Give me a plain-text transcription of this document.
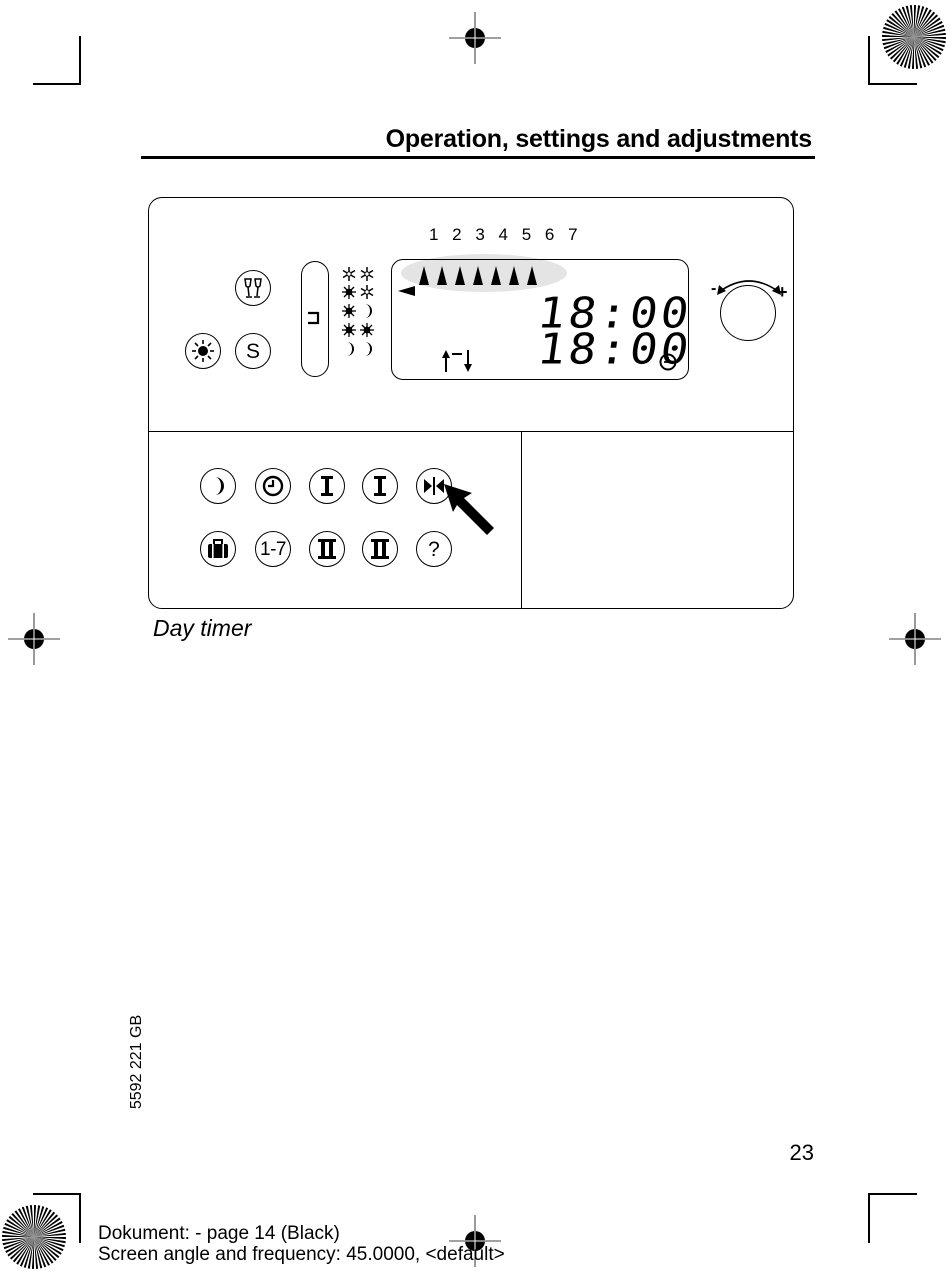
Operation, settings and adjustments
S
1 2 3 4 5 6 7
18:00
18:00
-	+
1-7	?
Day timer
5592 221 GB
23
Dokument: - page 14 (Black)
Screen angle and frequency: 45.0000, <default>
